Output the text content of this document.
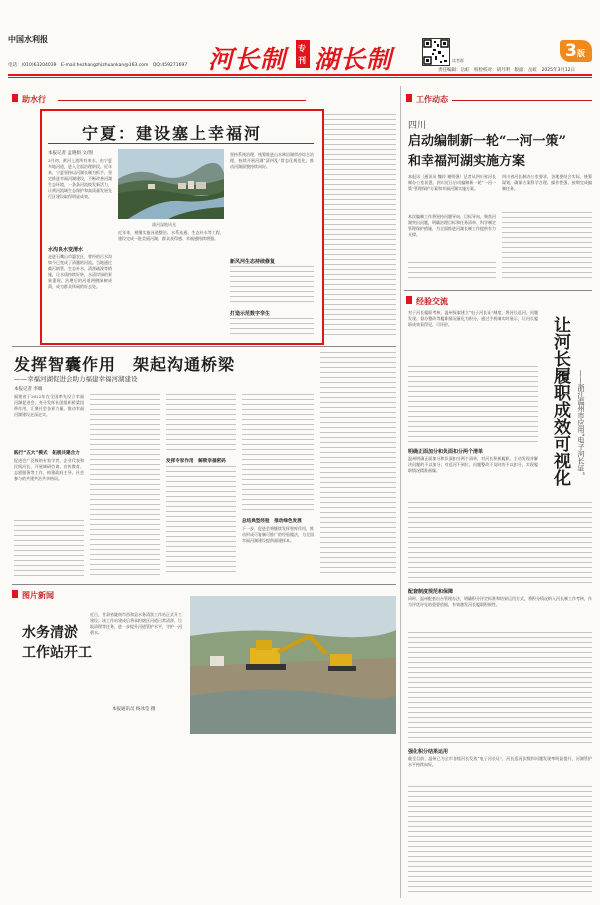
中国水利报
电话：(010)63204039　E-mail:hezhangzhizhuankan@163.com　QQ:459271697 河长制 专
刊 湖长制	读者群	3 版
责任编辑：岳虹　校检校对：胡月明　版面：岳虹　2025年3月12日
助水行
宁夏：建设塞上幸福河
本报记者 孟晓娟 文/图
渝河湿地风光
3月初，黄河上游所有来水，由宁夏多地河道，进入全面治理阶段。近年来，宁夏坚持以河湖长制为抓手，坚定推进幸福河湖建设，不断改善河湖生态环境，一条条河流焕发新活力，让黄河流域生态保护和高质量发展先行区建设取得明显成效。
水沟良水变清水
走进石嘴山市惠农区，曾经的污水沟如今已变成了清澈的河流。当地通过截污纳管、生态补水、清淤疏浚等措施，让水质持续好转，水清岸绿的景象重现。治理后的河道两侧绿树成荫，成为群众休闲的好去处。
近年来，相继实施河道整治、水系连通、生态补水等工程，建设完成一批美丽河湖，群众获得感、幸福感持续增强。
坚持系统治理，统筹推进山水林田湖草沙综合治理，持续开展河湖“清四乱”常态化规范化，推动河湖面貌持续向好。
新风河生态持续修复
打造示范数字孪生
发挥智囊作用　架起沟通桥梁
——幸福河湖促进会助力福建幸福河湖建设
本报记者 李晴
福建省于2022年在全国率先设立幸福河湖促进会，充分发挥社团组织桥梁纽带作用，汇聚社会各界力量，推动幸福河湖建设走深走实。
践行“五大”模式　拓展共建合力
促进会广泛吸纳专家学者、企业代表和民间河长，开展调研咨询、宣传教育、志愿服务等工作，构建政府主导、社会参与的共建共治共享格局。
发挥专家作用　解锁幸福密码
总结典型经验　推动绿色发展
下一步，促进会将继续发挥智库作用，推动形成可复制可推广的经验做法，为全国幸福河湖建设提供福建样本。
图片新闻
水务清淤
工作站开工
近日，甘肃省陇南市西和县水务清淤工作站正式开工建设。该工作站建成后将承担辖区河道日常清淤、垃圾清理等任务，进一步提升河道管护水平，守护一河碧水。
本报通讯员 杨冰莹 摄
工作动态
四川
启动编制新一轮“一河一策”
和幸福河湖实施方案
本报讯（通讯员 魏玲 谢明强）记者从四川省河长制办公室获悉，四川近日启动编制新一轮“一河一策”管理保护方案和幸福河湖实施方案。
本次编制工作将坚持问题导向、目标导向，聚焦河湖突出问题，明确治理目标和任务清单，科学制定管理保护措施，为全面推进河湖长制工作提供有力支撑。
四川省河长制办公室要求，各地要结合实际，统筹谋划，确保方案科学合理、操作性强，按期完成编制任务。
经验交流
对于河长履职考核，温州探索建立“电子河长证”制度，将河长巡河、问题发现、督办整改等履职情况量化为积分，通过手机端实时展示，让河长履职成效看得见、可评价。	让河长履职成效可视化	——浙江温州市应用“电子河长证”
明确正面加分和负面扣分两个清单
温州明确正面加分和负面扣分两个清单，对河长积极履职、主动发现并解决问题的予以加分；对巡河不到位、问题整改不及时的予以扣分，实现履职情况精准画像。
配套制度规范和保障
同时，温州配套出台管理办法，明确积分评定标准和结果运用方式，将积分情况纳入河长制工作考核，作为评优评先的重要依据，有效激发河长履职积极性。
强化积分结果运用
截至目前，温州已为全市各级河长发放“电子河长证”，河长巡河次数和问题发现率明显提升，河湖管护水平持续向好。
